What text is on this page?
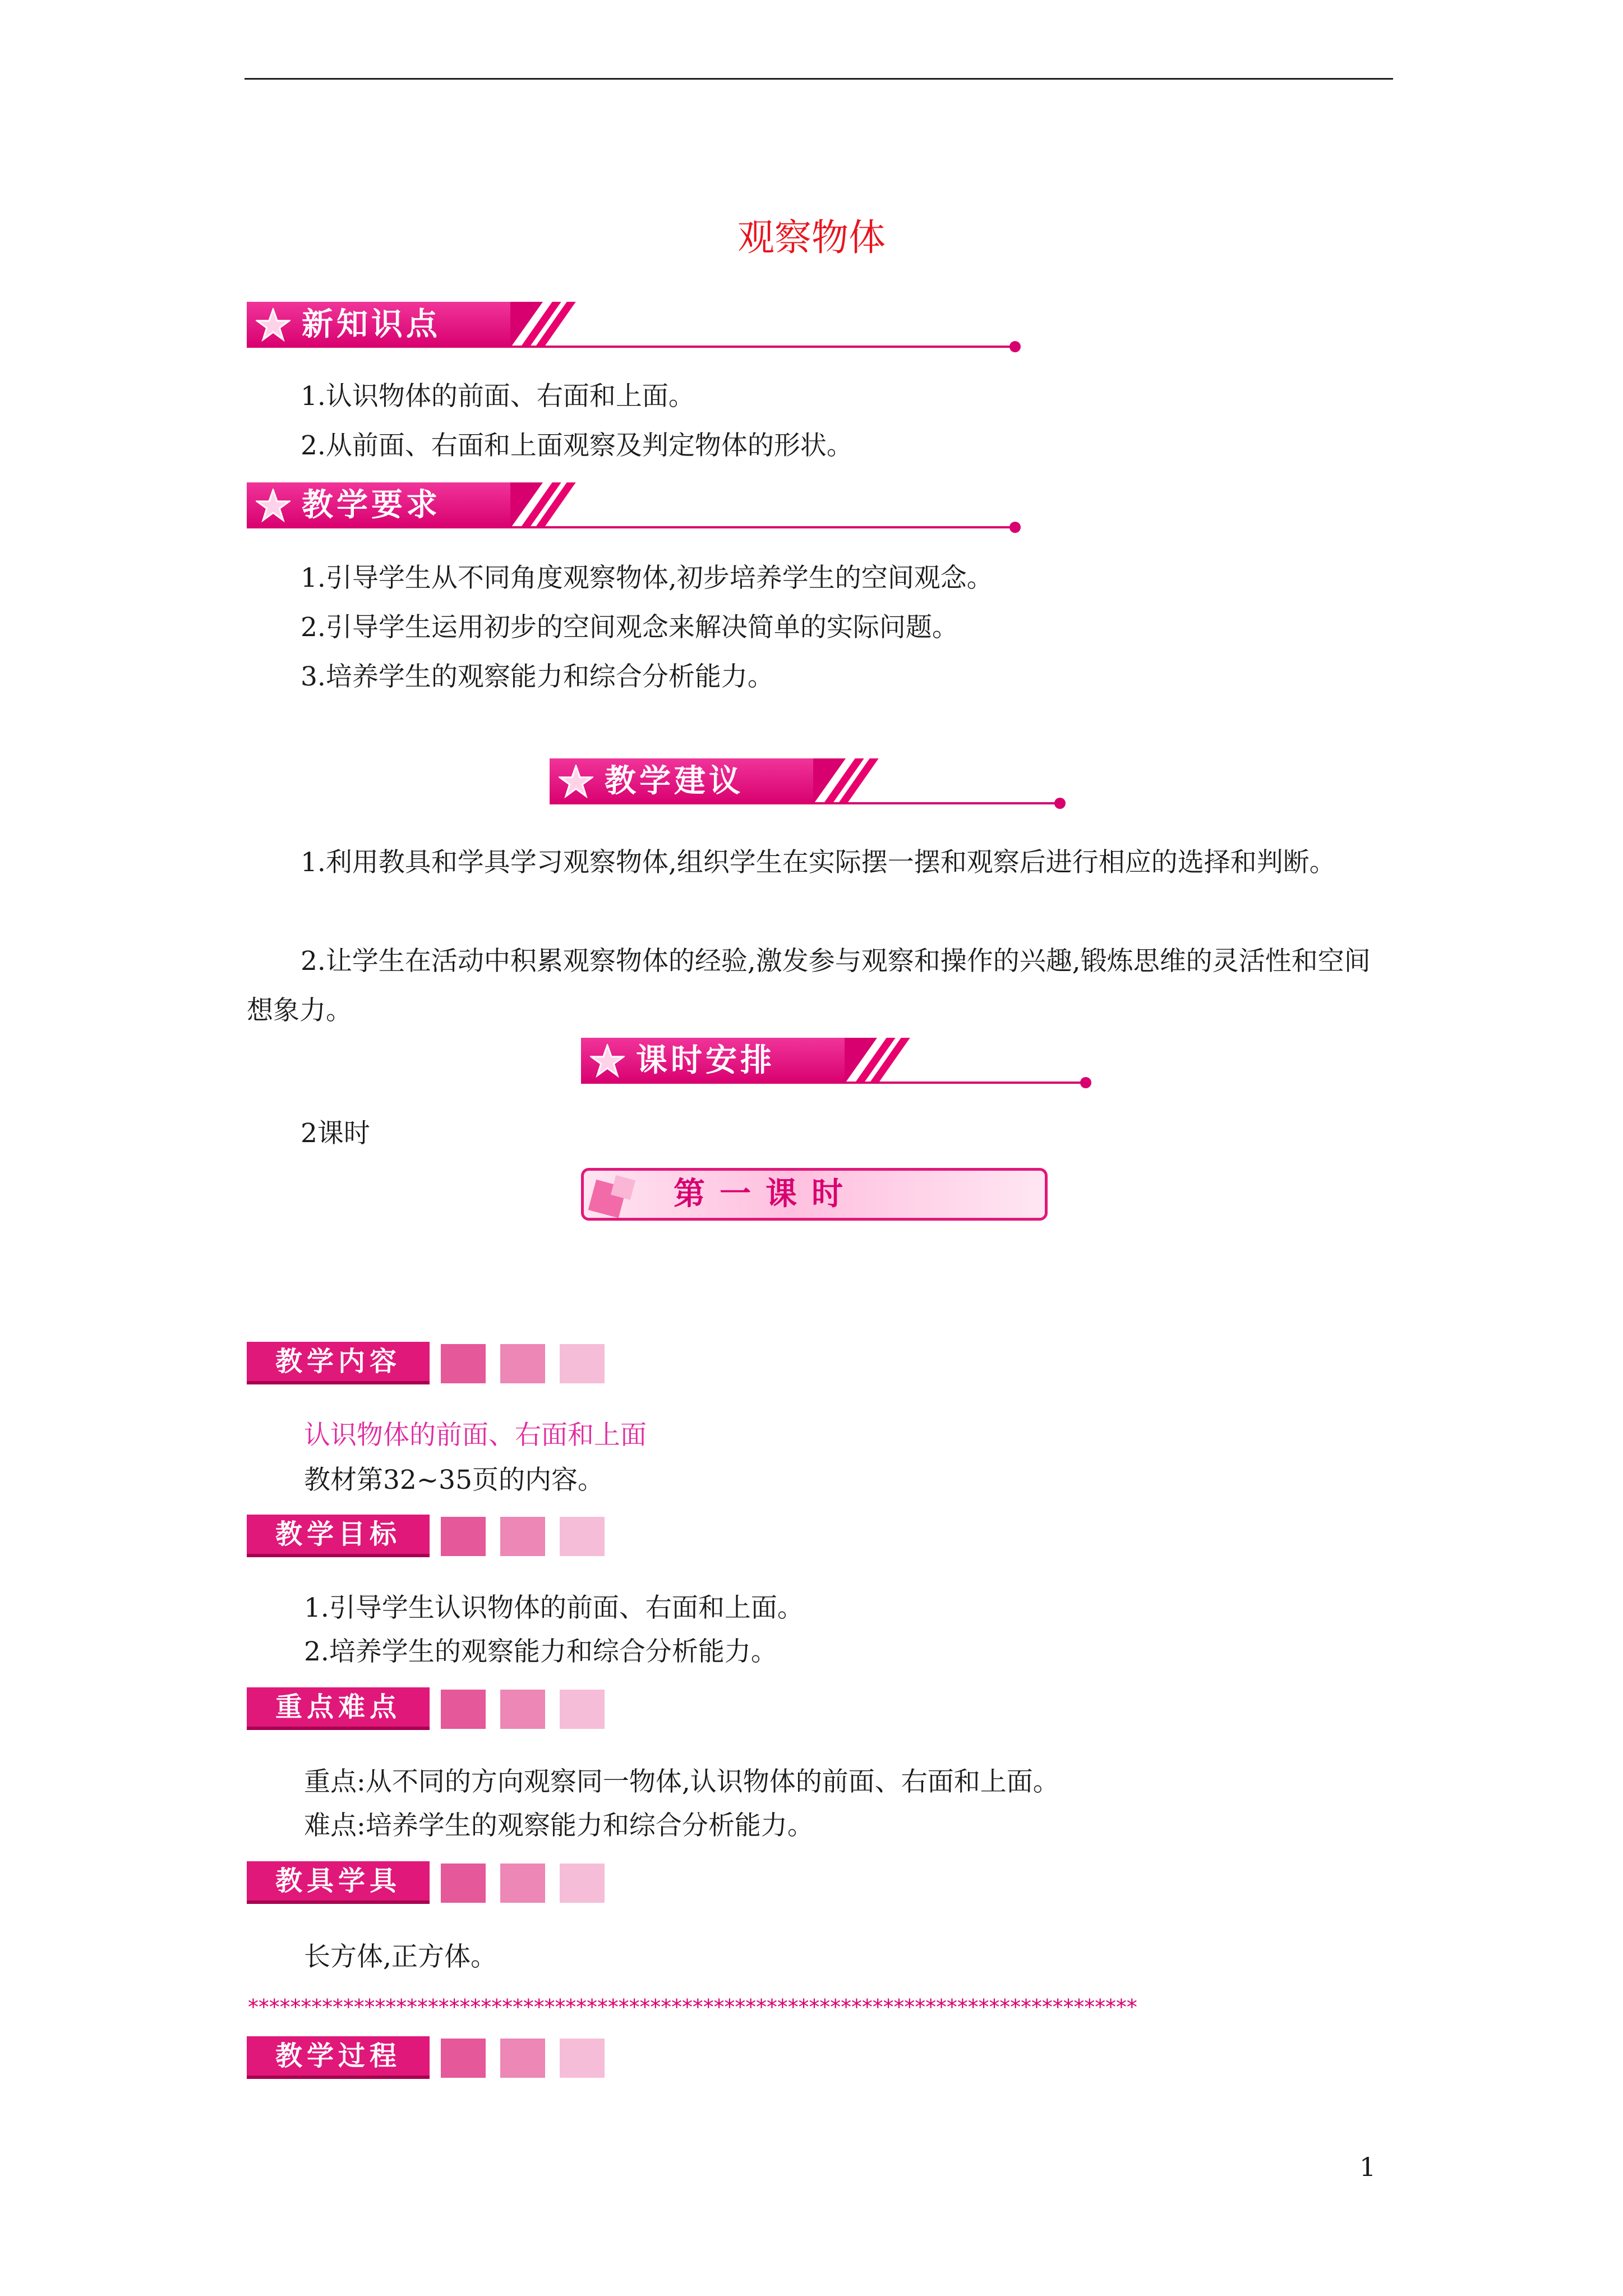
观察物体
新知识点
1.认识物体的前面、右面和上面。
2.从前面、右面和上面观察及判定物体的形状。
教学要求
1.引导学生从不同角度观察物体,初步培养学生的空间观念。
2.引导学生运用初步的空间观念来解决简单的实际问题。
3.培养学生的观察能力和综合分析能力。
教学建议
1.利用教具和学具学习观察物体,组织学生在实际摆一摆和观察后进行相应的选择和判断。
2.让学生在活动中积累观察物体的经验,激发参与观察和操作的兴趣,锻炼思维的灵活性和空间想象力。
课时安排
2课时
第一课时
教学内容
认识物体的前面、右面和上面
教材第32~35页的内容。
教学目标
1.引导学生认识物体的前面、右面和上面。
2.培养学生的观察能力和综合分析能力。
重点难点
重点:从不同的方向观察同一物体,认识物体的前面、右面和上面。
难点:培养学生的观察能力和综合分析能力。
教具学具
长方体,正方体。
************************************************************************************
教学过程
1
